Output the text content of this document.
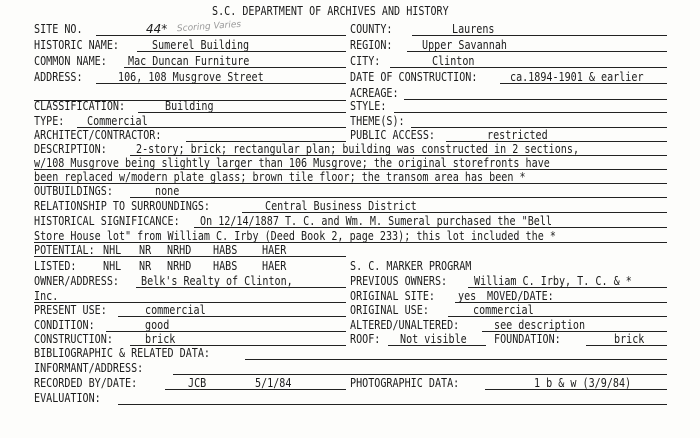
S.C. DEPARTMENT OF ARCHIVES AND HISTORY
SITE NO.	44* Scoring Varies	COUNTY:	Laurens
HISTORIC NAME:	Sumerel Building	REGION: Upper Savannah
COMMON NAME: Mac Duncan Furniture	CITY:	Clinton
ADDRESS:	106, 108 Musgrove Street	DATE OF CONSTRUCTION:	ca.1894-1901 & earlier
ACREAGE:
CLASSIFICATION:	Building	STYLE:
TYPE: Commercial	THEME(S):
ARCHITECT/CONTRACTOR:	PUBLIC ACCESS:	restricted
DESCRIPTION: 2-story; brick; rectangular plan; building was constructed in 2 sections,
w/108 Musgrove being slightly larger than 106 Musgrove; the original storefronts have
been replaced w/modern plate glass; brown tile floor; the transom area has been *
OUTBUILDINGS:	none
RELATIONSHIP TO SURROUNDINGS:	Central Business District
HISTORICAL SIGNIFICANCE: On 12/14/1887 T. C. and Wm. M. Sumeral purchased the "Bell
Store House lot" from William C. Irby (Deed Book 2, page 233); this lot included the *
POTENTIAL: NHL NR NRHD HABS HAER
LISTED: NHL NR NRHD HABS HAER	S. C. MARKER PROGRAM
OWNER/ADDRESS: Belk's Realty of Clinton,	PREVIOUS OWNERS: William C. Irby, T. C. & *
Inc.	ORIGINAL SITE: yes MOVED/DATE:
PRESENT USE:	commercial	ORIGINAL USE:	commercial
CONDITION:	good	ALTERED/UNALTERED:	see description
CONSTRUCTION:	brick	ROOF: Not visible FOUNDATION:	brick
BIBLIOGRAPHIC & RELATED DATA:
INFORMANT/ADDRESS:
RECORDED BY/DATE:	JCB	5/1/84	PHOTOGRAPHIC DATA:	1 b & w (3/9/84)
EVALUATION:
